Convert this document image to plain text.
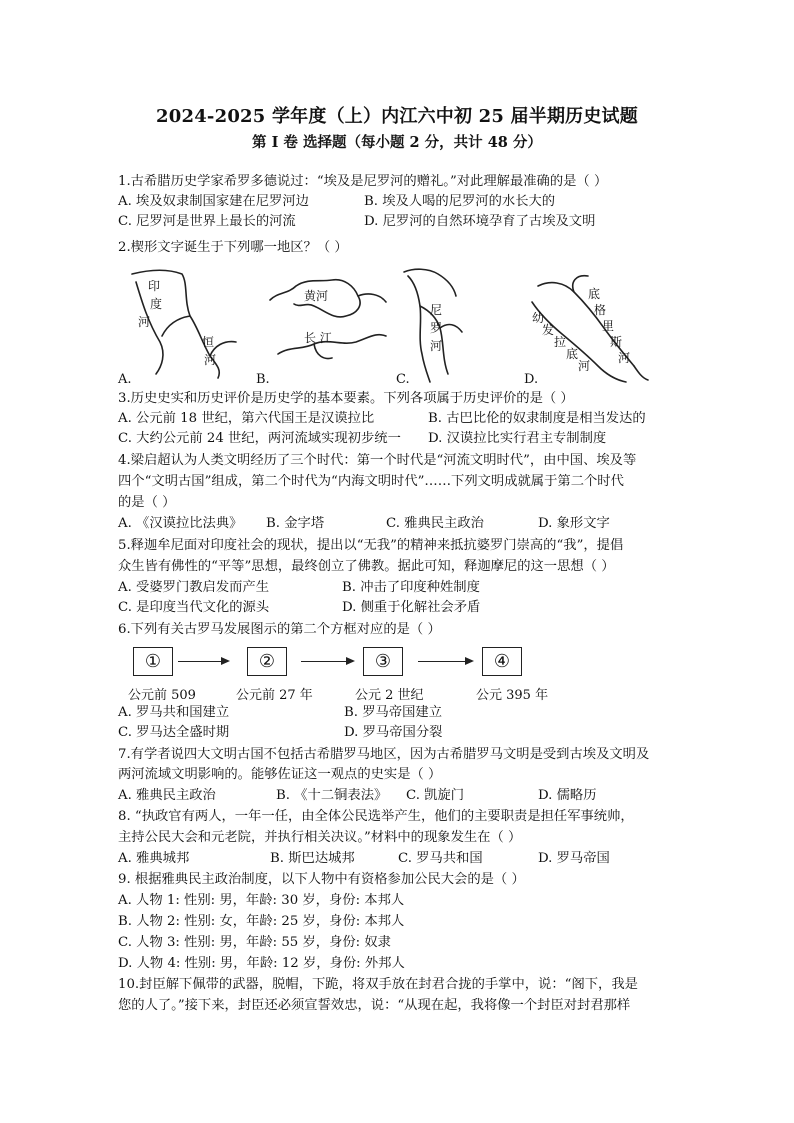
2024-2025 学年度（上）内江六中初 25 届半期历史试题
第 I 卷 选择题（每小题 2 分，共计 48 分）
1.古希腊历史学家希罗多德说过：“埃及是尼罗河的赠礼。”对此理解最准确的是（ ）
A. 埃及奴隶制国家建在尼罗河边	B. 埃及人喝的尼罗河的水长大的
C. 尼罗河是世界上最长的河流	D. 尼罗河的自然环境孕育了古埃及文明
2.楔形文字诞生于下列哪一地区？（ ）
印
度
河
恒
河
黄河
长 江
尼
罗
河
底
格
里
斯
河
幼
发
拉
底
河
A.	B.	C.	D.
3.历史史实和历史评价是历史学的基本要素。下列各项属于历史评价的是（ ）
A. 公元前 18 世纪，第六代国王是汉谟拉比	B. 古巴比伦的奴隶制度是相当发达的
C. 大约公元前 24 世纪，两河流域实现初步统一 D. 汉谟拉比实行君主专制制度
4.梁启超认为人类文明经历了三个时代：第一个时代是“河流文明时代”，由中国、埃及等
四个“文明古国”组成，第二个时代为“内海文明时代”……下列文明成就属于第二个时代
的是（ ）
A. 《汉谟拉比法典》 B. 金字塔	C. 雅典民主政治	D. 象形文字
5.释迦牟尼面对印度社会的现状，提出以“无我”的精神来抵抗婆罗门崇高的“我”，提倡
众生皆有佛性的“平等”思想，最终创立了佛教。据此可知，释迦摩尼的这一思想（ ）
A. 受婆罗门教启发而产生	B. 冲击了印度种姓制度
C. 是印度当代文化的源头	D. 侧重于化解社会矛盾
6.下列有关古罗马发展图示的第二个方框对应的是（ ）
①	②	③	④
公元前 509	公元前 27 年	公元 2 世纪	公元 395 年
A. 罗马共和国建立	B. 罗马帝国建立
C. 罗马达全盛时期	D. 罗马帝国分裂
7.有学者说四大文明古国不包括古希腊罗马地区，因为古希腊罗马文明是受到古埃及文明及
两河流域文明影响的。能够佐证这一观点的史实是（ ）
A. 雅典民主政治	B. 《十二铜表法》 C. 凯旋门	D. 儒略历
8. “执政官有两人，一年一任，由全体公民选举产生，他们的主要职责是担任军事统帅，
主持公民大会和元老院，并执行相关决议。”材料中的现象发生在（ ）
A. 雅典城邦	B. 斯巴达城邦	C. 罗马共和国	D. 罗马帝国
9. 根据雅典民主政治制度，以下人物中有资格参加公民大会的是（ ）
A. 人物 1: 性别: 男，年龄: 30 岁，身份: 本邦人
B. 人物 2: 性别: 女，年龄: 25 岁，身份: 本邦人
C. 人物 3: 性别: 男，年龄: 55 岁，身份: 奴隶
D. 人物 4: 性别: 男，年龄: 12 岁，身份: 外邦人
10.封臣解下佩带的武器，脱帽，下跪，将双手放在封君合拢的手掌中，说：“阁下，我是
您的人了。”接下来，封臣还必须宣誓效忠，说：“从现在起，我将像一个封臣对封君那样
